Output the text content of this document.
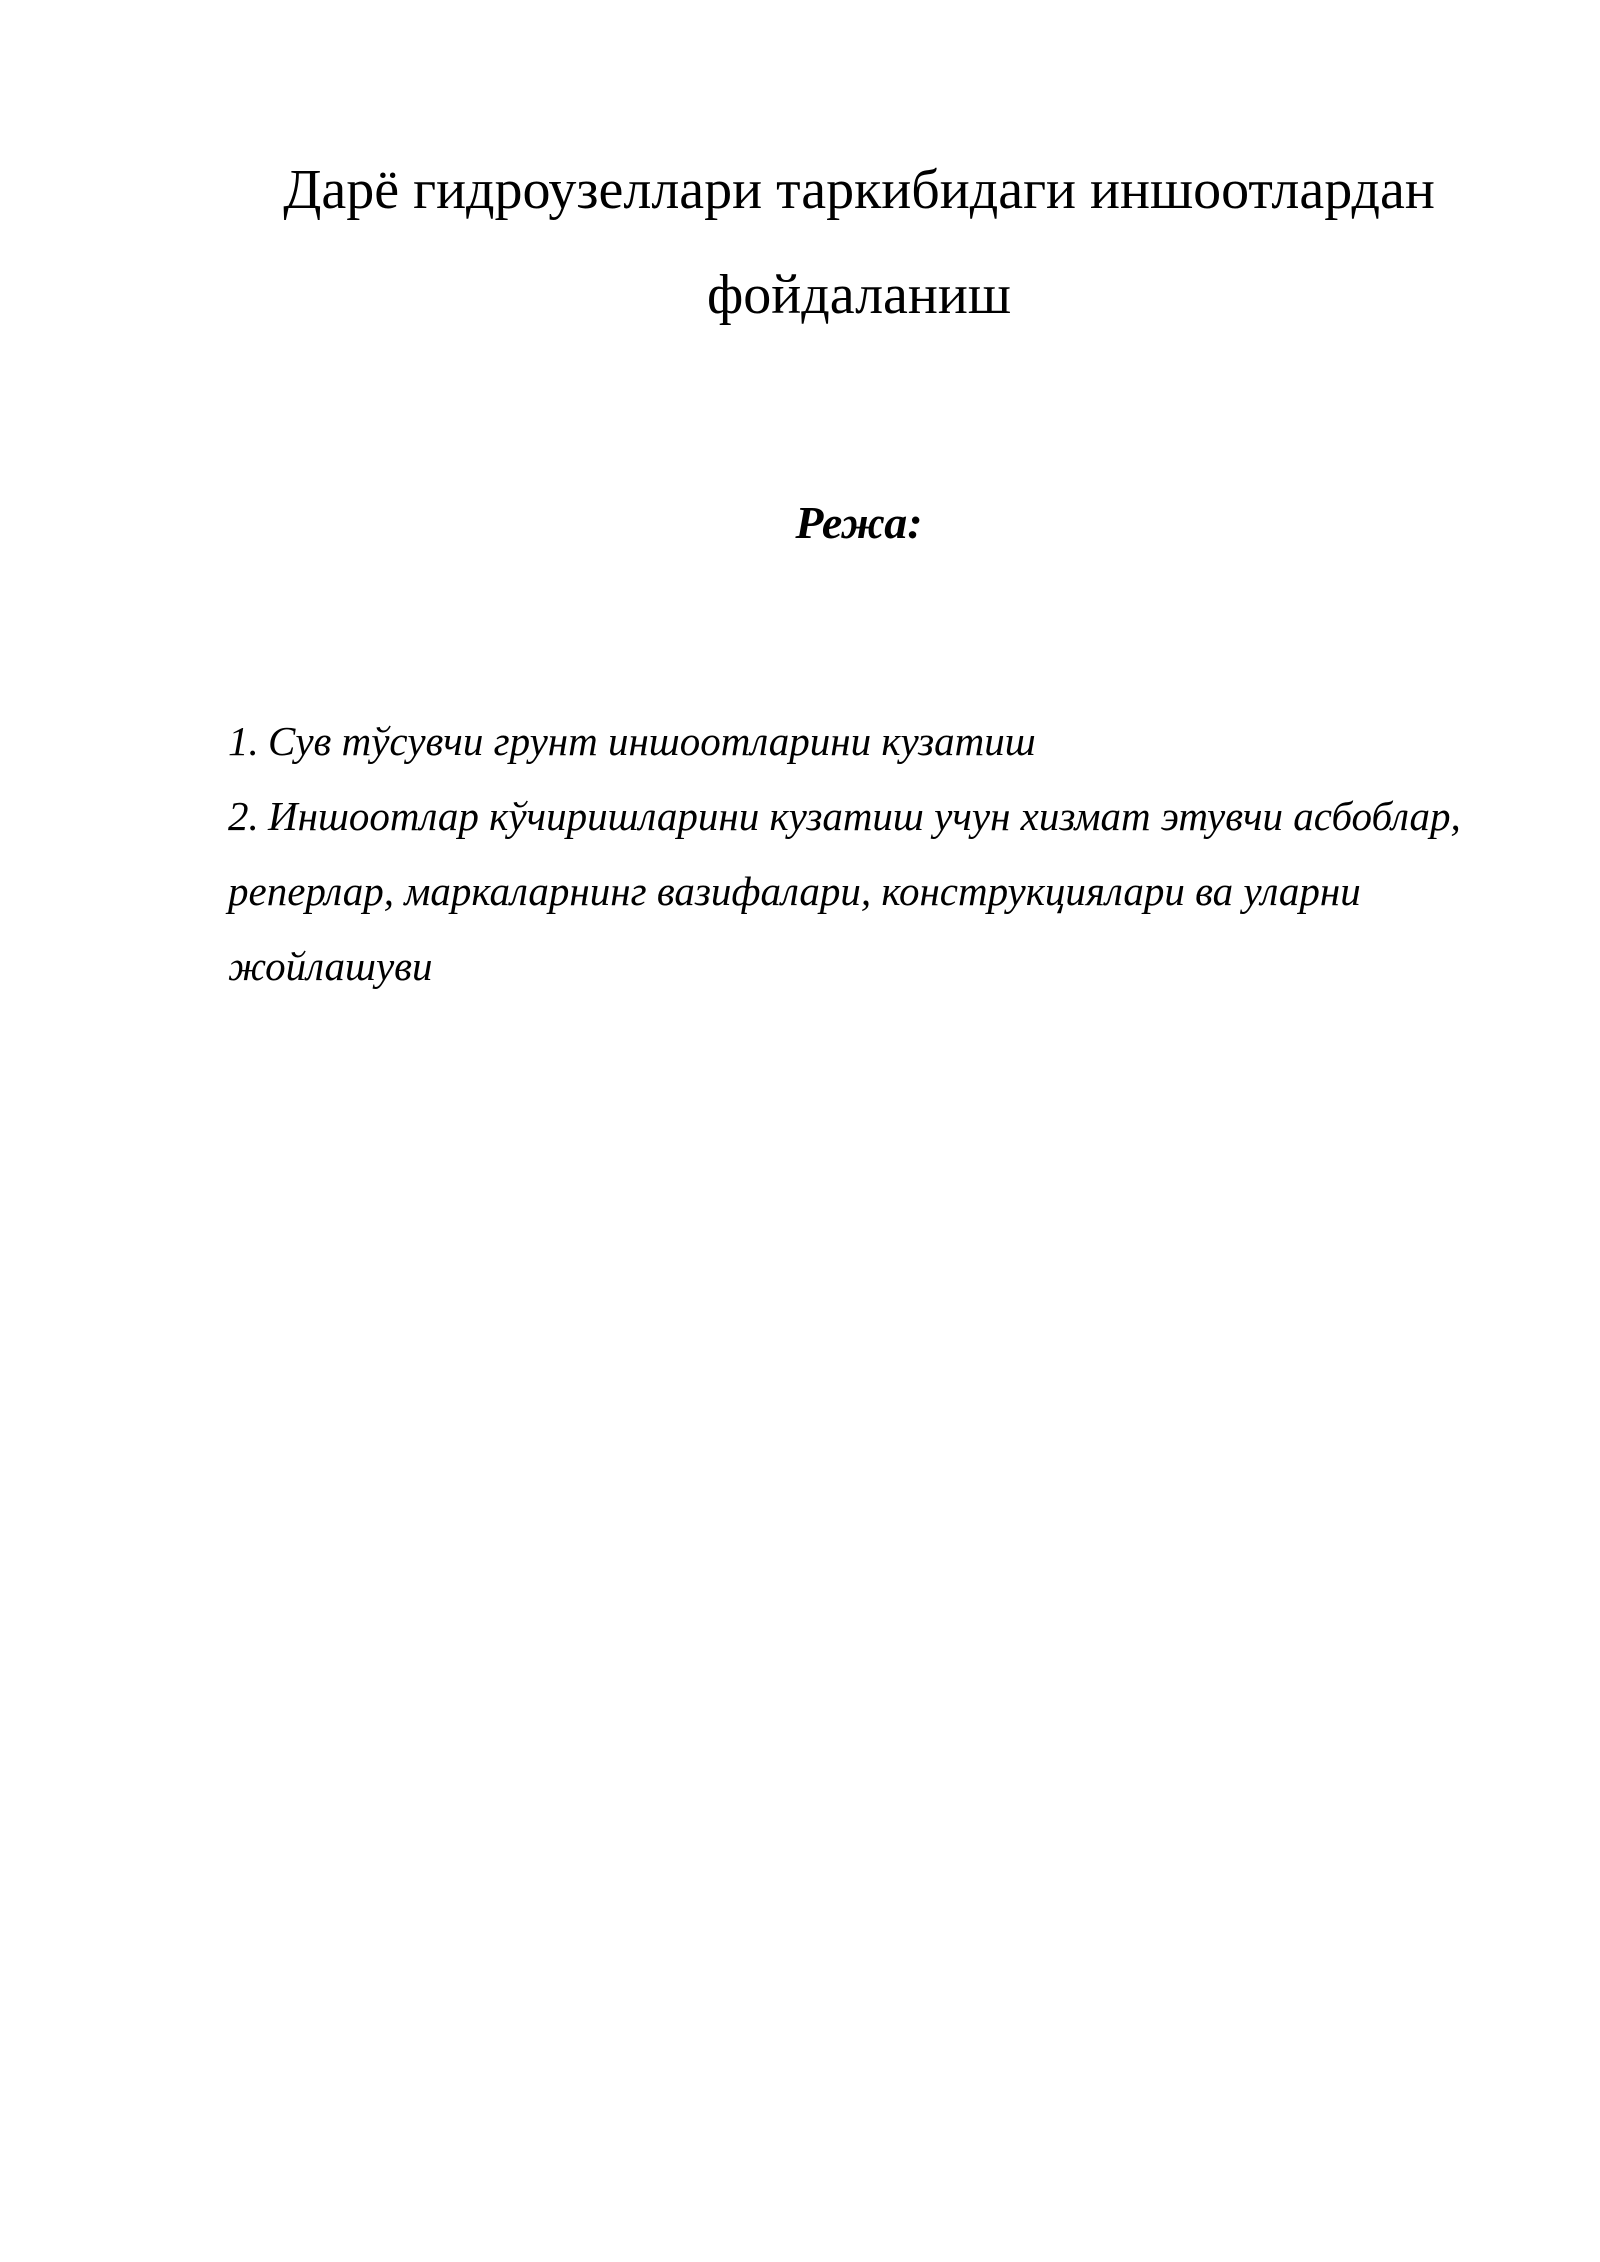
Дарё гидроузеллари таркибидаги иншоотлардан фойдаланиш
Режа:
1. Сув тўсувчи грунт иншоотларини кузатиш
2. Иншоотлар кўчиришларини кузатиш учун хизмат этувчи асбоблар, реперлар, маркаларнинг вазифалари, конструкциялари ва уларни жойлашуви
